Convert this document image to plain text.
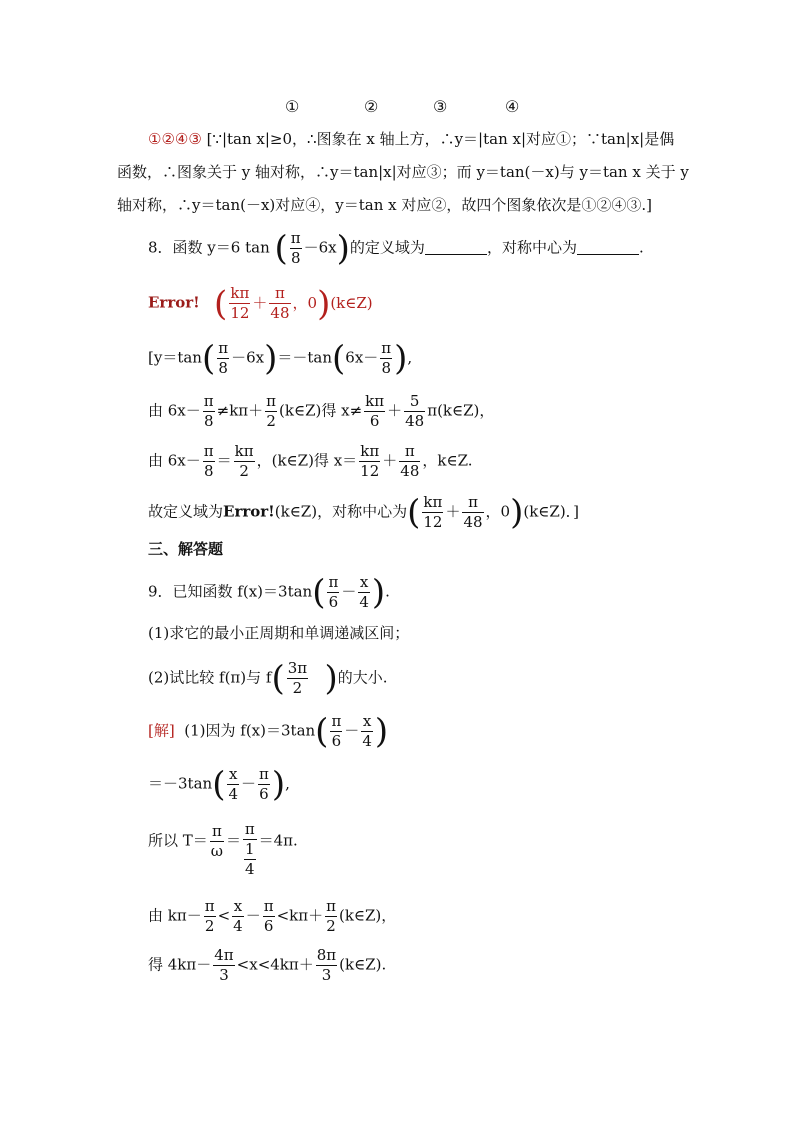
①	②	③	④
①②④③ [∵|tan x|≥0，∴图象在 x 轴上方，∴y＝|tan x|对应①；∵tan|x|是偶
函数，∴图象关于 y 轴对称，∴y＝tan|x|对应③；而 y＝tan(－x)与 y＝tan x 关于 y
轴对称，∴y＝tan(－x)对应④，y＝tan x 对应②，故四个图象依次是①②④③.]
8．函数 y＝6 tan ( $\frac{\pi}{8} -6x$)的定义域为	，对称中心为	.
Error! ( $\frac{k\pi}{12} + \frac{\pi}{48}$ ，0)(k∈Z)
[$y=\tan( \frac{\pi}{8} -6x)=-\tan(6x- \frac{\pi}{8}$ ),
由 $6x- \frac{\pi}{8} \ne k\pi+ \frac{\pi}{2}$ (k∈Z)得 $x\ne \frac{k\pi}{6} + \frac{5}{48}$ π(k∈Z)，
由 $6x- \frac{\pi}{8} = \frac{k\pi}{2}$ ，(k∈Z)得 $x= \frac{k\pi}{12} + \frac{\pi}{48}$ ，k∈Z.
故定义域为Error!(k∈Z)，对称中心为( $\frac{k\pi}{12} + \frac{\pi}{48}$ ，0)(k∈Z)．]
三、解答题
9．已知函数 $f(x)=3\tan( \frac{\pi}{6} - \frac{x}{4}$ ).
(1)求它的最小正周期和单调递减区间；
(2)试比较 f(π)与 $f( \frac{3\pi}{2}$ )的大小.
[解] (1)因为 $f(x)=3\tan( \frac{\pi}{6} - \frac{x}{4}$ )
$=-3\tan( \frac{x}{4} - \frac{\pi}{6}$ ),
所以 $T= \frac{\pi}{\omega} = \pi$
1
4 ＝4π.
由 $k\pi- \frac{\pi}{2} < \frac{x}{4} - \frac{\pi}{6} <k\pi+ \frac{\pi}{2}$ (k∈Z)，
得 $4k\pi- \frac{4\pi}{3} <x<4k\pi+ \frac{8\pi}{3}$ (k∈Z).
